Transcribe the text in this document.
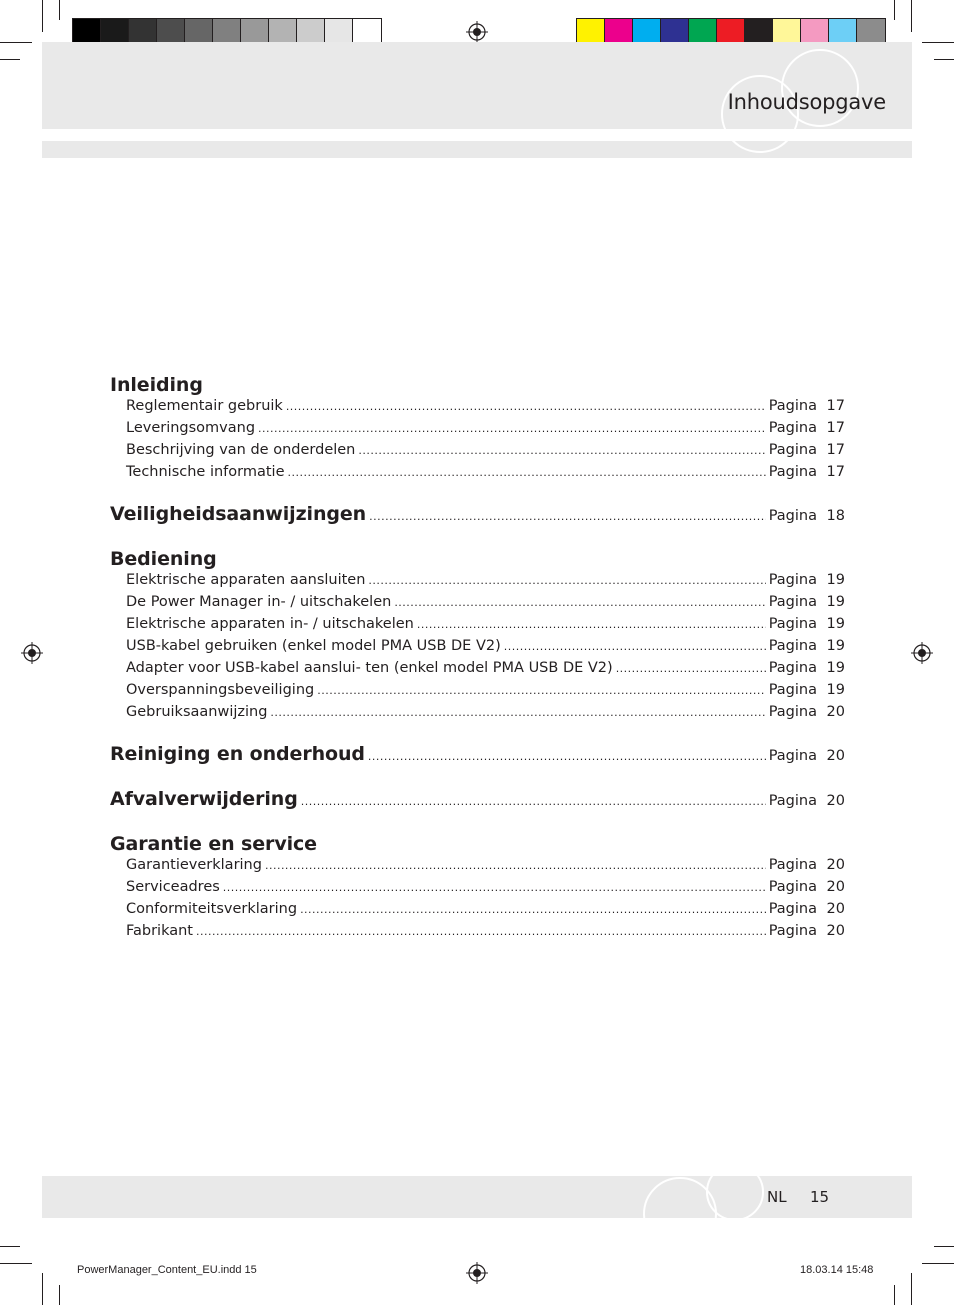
Inhoudsopgave
Inleiding
Reglementair gebruik .....	Pagina 17
Leveringsomvang .....	Pagina 17
Beschrijving van de onderdelen .....	Pagina 17
Technische informatie .....	Pagina 17
Veiligheidsaanwijzingen .....	Pagina 18
Bediening
Elektrische apparaten aansluiten .....	Pagina 19
De Power Manager in- / uitschakelen .....	Pagina 19
Elektrische apparaten in- / uitschakelen .....	Pagina 19
USB-kabel gebruiken (enkel model PMA USB DE V2) .....	Pagina 19
Adapter voor USB-kabel aanslui- ten (enkel model PMA USB DE V2) .....	Pagina 19
Overspanningsbeveiliging .....	Pagina 19
Gebruiksaanwijzing .....	Pagina 20
Reiniging en onderhoud .....	Pagina 20
Afvalverwijdering .....	Pagina 20
Garantie en service
Garantieverklaring .....	Pagina 20
Serviceadres .....	Pagina 20
Conformiteitsverklaring .....	Pagina 20
Fabrikant .....	Pagina 20
NL 15
PowerManager_Content_EU.indd 15	18.03.14 15:48
